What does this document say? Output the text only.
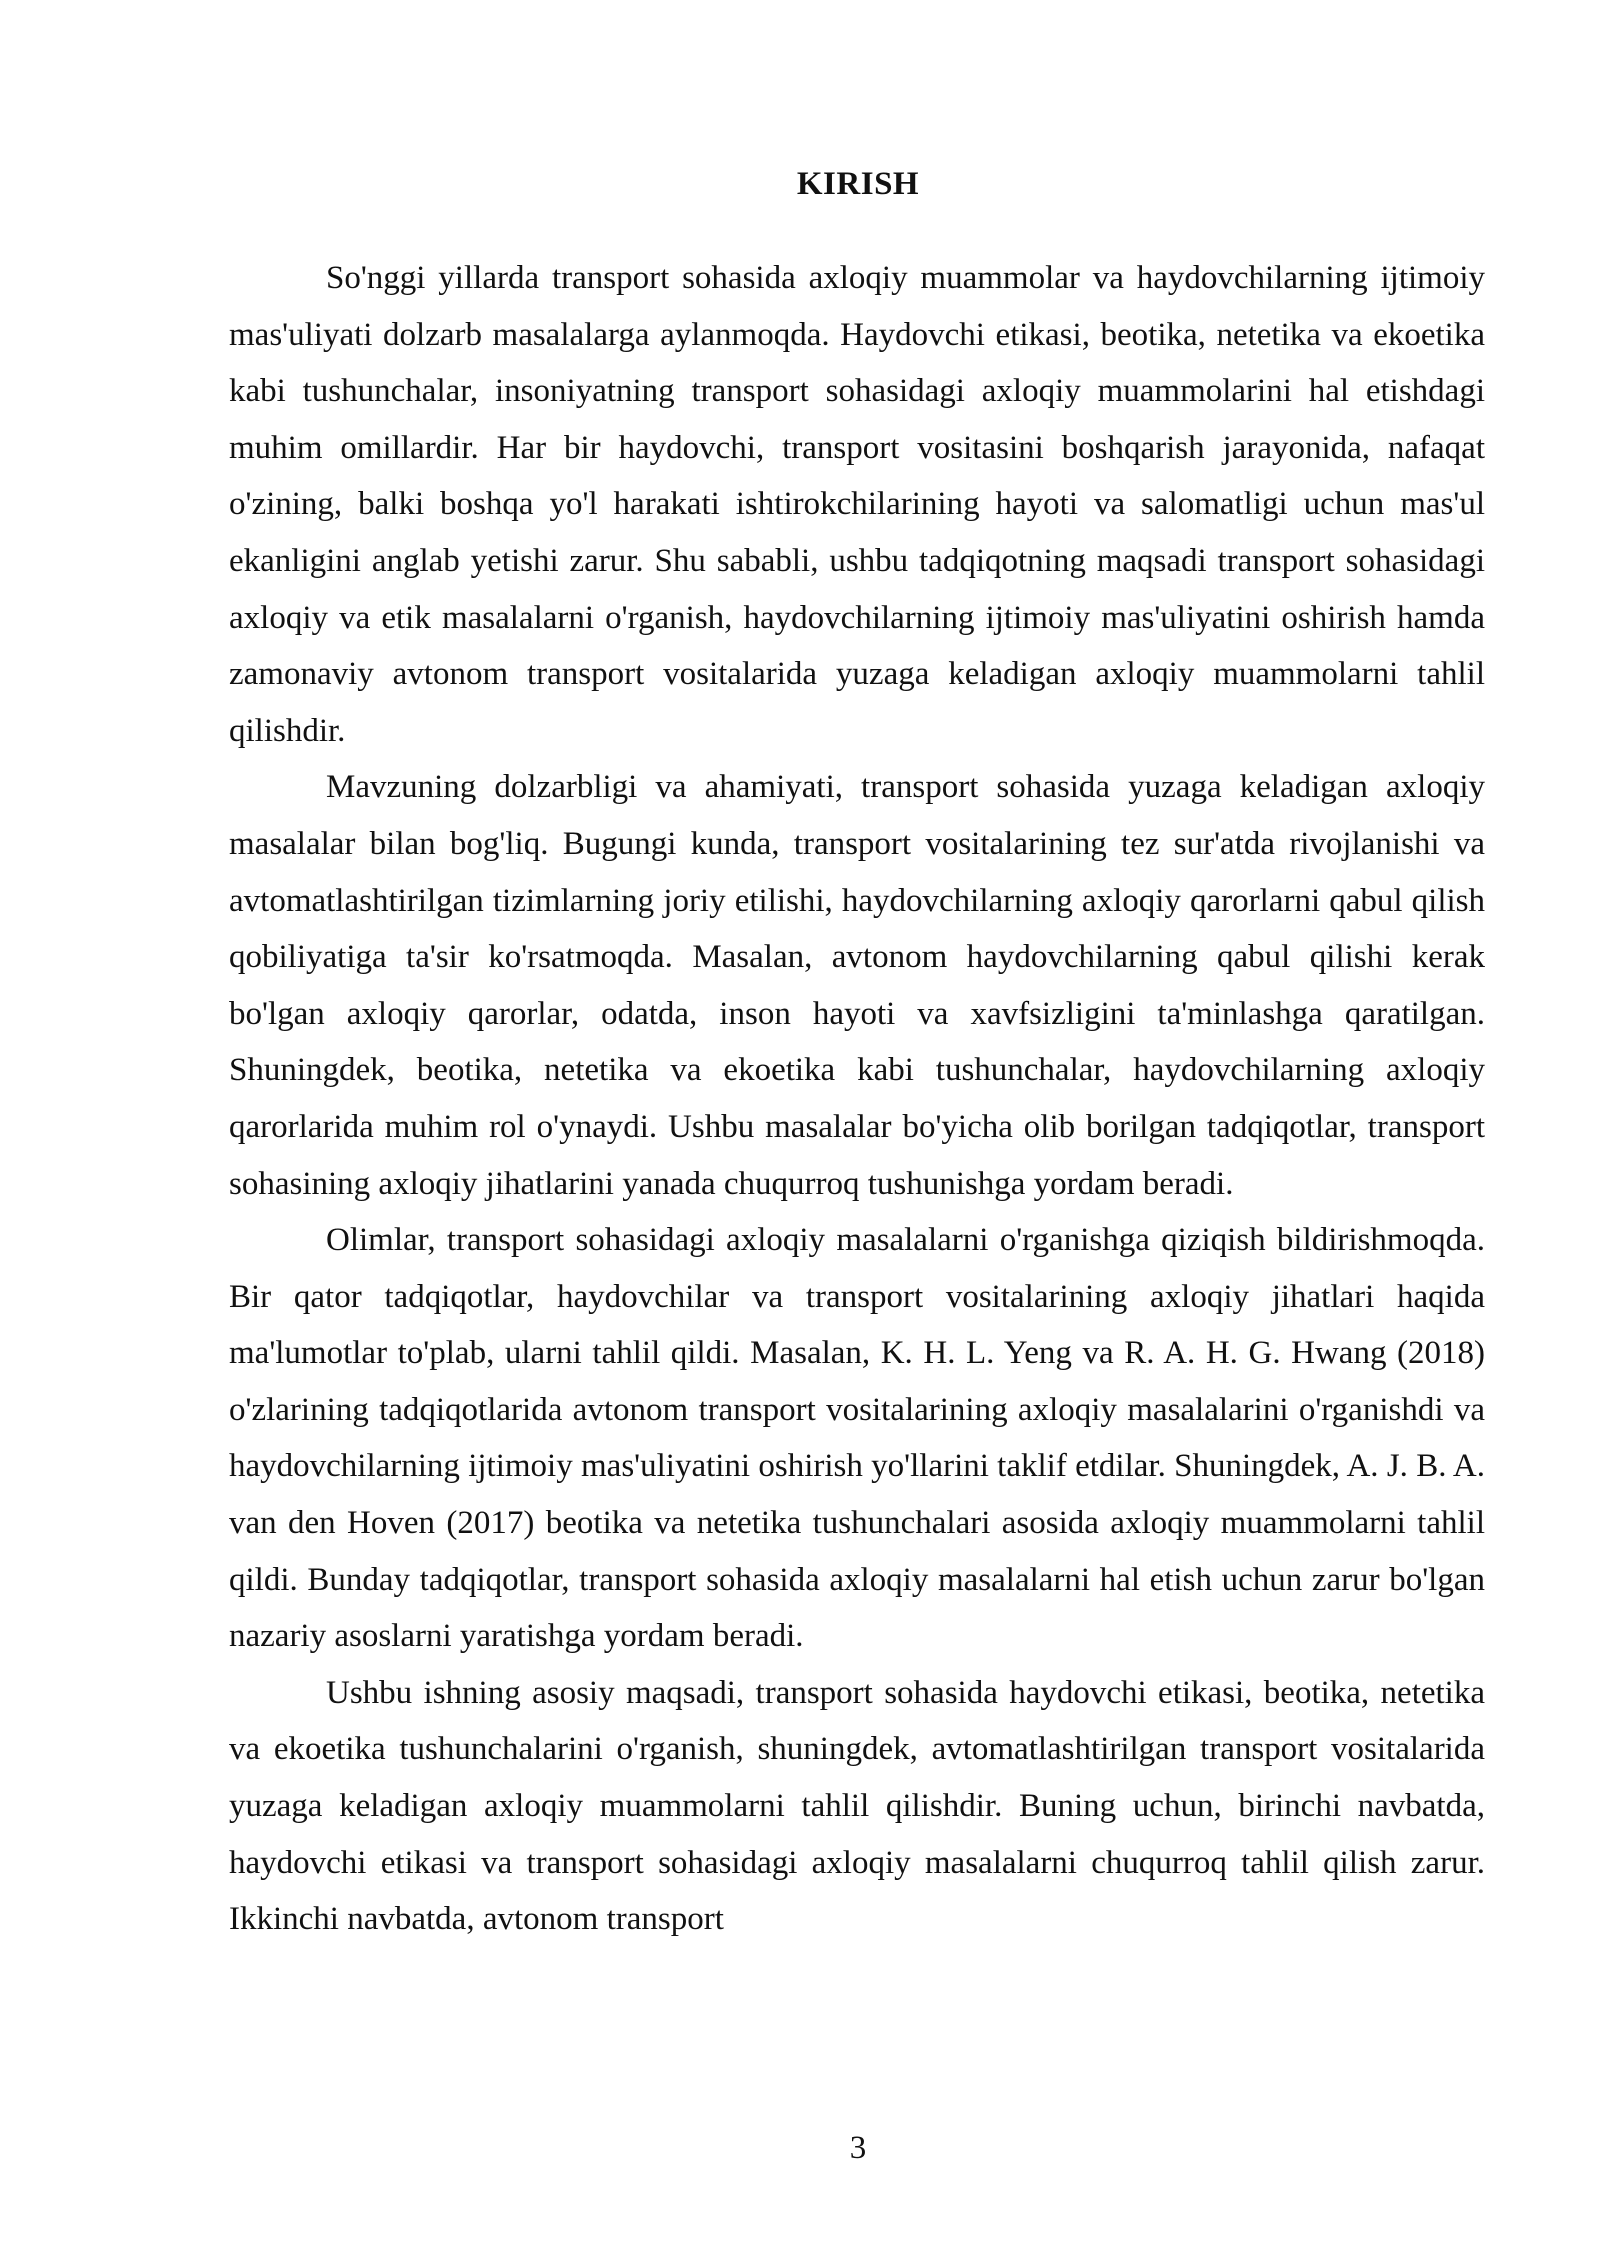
KIRISH

So'nggi yillarda transport sohasida axloqiy muammolar va haydovchilarning ijtimoiy mas'uliyati dolzarb masalalarga aylanmoqda. Haydovchi etikasi, beotika, netetika va ekoetika kabi tushunchalar, insoniyatning transport sohasidagi axloqiy muammolarini hal etishdagi muhim omillardir. Har bir haydovchi, transport vositasini boshqarish jarayonida, nafaqat o'zining, balki boshqa yo'l harakati ishtirokchilarining hayoti va salomatligi uchun mas'ul ekanligini anglab yetishi zarur. Shu sababli, ushbu tadqiqotning maqsadi transport sohasidagi axloqiy va etik masalalarni o'rganish, haydovchilarning ijtimoiy mas'uliyatini oshirish hamda zamonaviy avtonom transport vositalarida yuzaga keladigan axloqiy muammolarni tahlil qilishdir.

Mavzuning dolzarbligi va ahamiyati, transport sohasida yuzaga keladigan axloqiy masalalar bilan bog'liq. Bugungi kunda, transport vositalarining tez sur'atda rivojlanishi va avtomatlashtirilgan tizimlarning joriy etilishi, haydovchilarning axloqiy qarorlarni qabul qilish qobiliyatiga ta'sir ko'rsatmoqda. Masalan, avtonom haydovchilarning qabul qilishi kerak bo'lgan axloqiy qarorlar, odatda, inson hayoti va xavfsizligini ta'minlashga qaratilgan. Shuningdek, beotika, netetika va ekoetika kabi tushunchalar, haydovchilarning axloqiy qarorlarida muhim rol o'ynaydi. Ushbu masalalar bo'yicha olib borilgan tadqiqotlar, transport sohasining axloqiy jihatlarini yanada chuqurroq tushunishga yordam beradi.

Olimlar, transport sohasidagi axloqiy masalalarni o'rganishga qiziqish bildirishmoqda. Bir qator tadqiqotlar, haydovchilar va transport vositalarining axloqiy jihatlari haqida ma'lumotlar to'plab, ularni tahlil qildi. Masalan, K. H. L. Yeng va R. A. H. G. Hwang (2018) o'zlarining tadqiqotlarida avtonom transport vositalarining axloqiy masalalarini o'rganishdi va haydovchilarning ijtimoiy mas'uliyatini oshirish yo'llarini taklif etdilar. Shuningdek, A. J. B. A. van den Hoven (2017) beotika va netetika tushunchalari asosida axloqiy muammolarni tahlil qildi. Bunday tadqiqotlar, transport sohasida axloqiy masalalarni hal etish uchun zarur bo'lgan nazariy asoslarni yaratishga yordam beradi.

Ushbu ishning asosiy maqsadi, transport sohasida haydovchi etikasi, beotika, netetika va ekoetika tushunchalarini o'rganish, shuningdek, avtomatlashtirilgan transport vositalarida yuzaga keladigan axloqiy muammolarni tahlil qilishdir. Buning uchun, birinchi navbatda, haydovchi etikasi va transport sohasidagi axloqiy masalalarni chuqurroq tahlil qilish zarur. Ikkinchi navbatda, avtonom transport

3
